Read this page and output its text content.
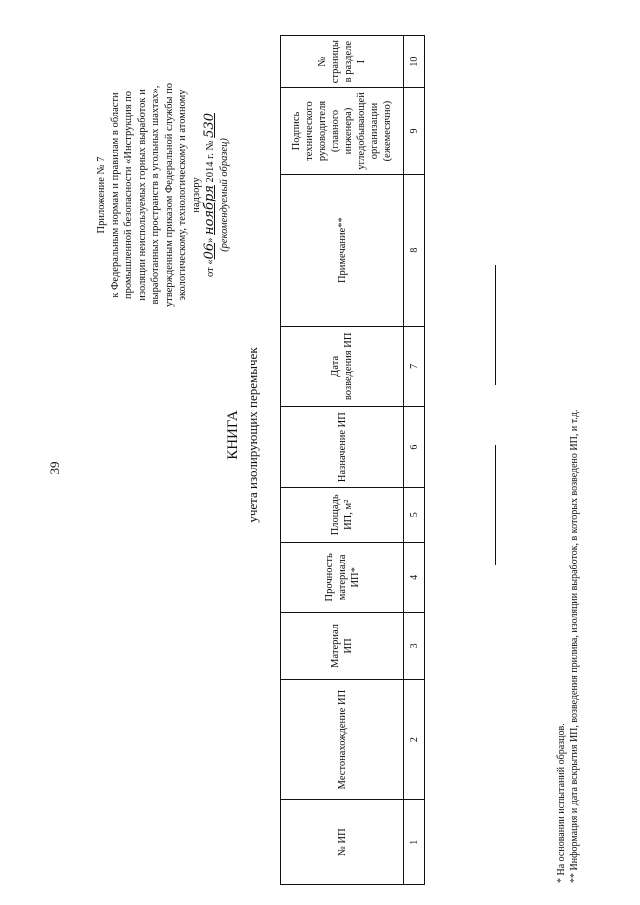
39
Приложение № 7 к Федеральным нормам и правилам в области промышленной безопасности «Инструкция по изоляции неиспользуемых горных выработок и выработанных пространств в угольных шахтах», утвержденным приказом Федеральной службы по экологическому, технологическому и атомному надзору
от «06» ноября 2014 г. № 530
(рекомендуемый образец)
КНИГА учета изолирующих перемычек
№ ИП	Местонахождение ИП	Материал ИП	Прочность материала ИП*	Площадь ИП, м²	Назначение ИП	Дата возведения ИП	Примечание**	Подпись технического руководителя (главного инженера) угледобывающей организации (ежемесячно)	№ страницы в разделе I
1	2	3	4	5	6	7	8	9	10
* На основании испытаний образцов. ** Информация и дата вскрытия ИП, возведения прилива, изоляции выработок, в которых возведено ИП, и т.д.
